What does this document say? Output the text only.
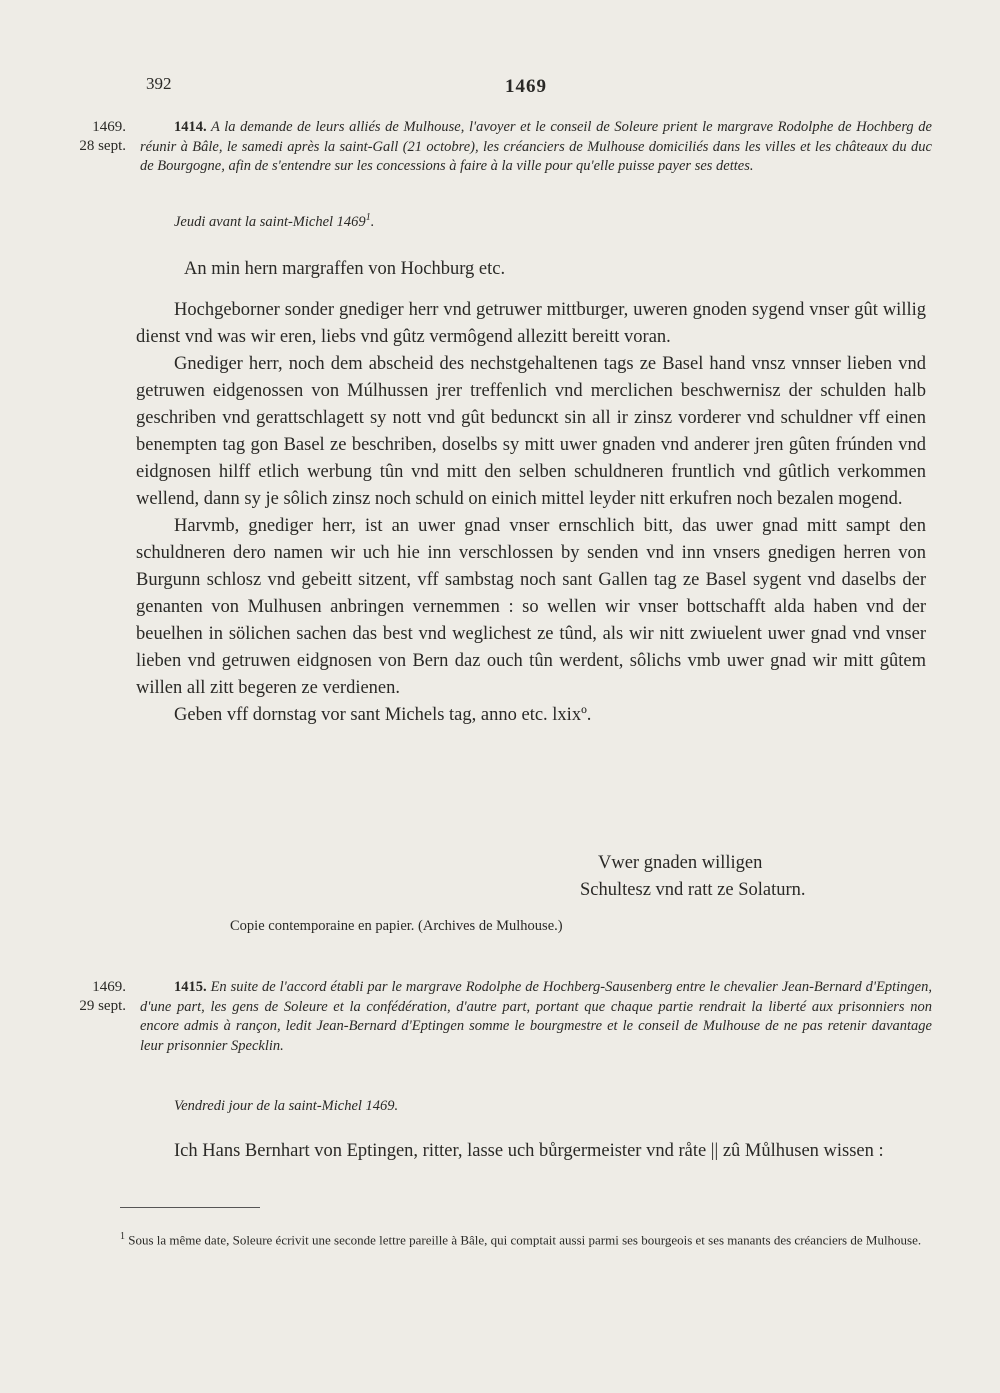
392	1469
1469.
28 sept.
1414. A la demande de leurs alliés de Mulhouse, l'avoyer et le conseil de Soleure prient le margrave Rodolphe de Hochberg de réunir à Bâle, le samedi après la saint-Gall (21 octobre), les créanciers de Mulhouse domiciliés dans les villes et les châteaux du duc de Bourgogne, afin de s'entendre sur les concessions à faire à la ville pour qu'elle puisse payer ses dettes.
Jeudi avant la saint-Michel 1469$^1$.

An min hern margraffen von Hochburg etc.

Hochgeborner sonder gnediger herr vnd getruwer mittburger, uweren gnoden sygend vnser gût willig dienst vnd was wir eren, liebs vnd gûtz vermôgend allezitt bereitt voran.

Gnediger herr, noch dem abscheid des nechstgehaltenen tags ze Basel hand vnsz vnnser lieben vnd getruwen eidgenossen von Múlhussen jrer treffenlich vnd merclichen beschwernisz der schulden halb geschriben vnd gerattschlagett sy nott vnd gût beduncкt sin all ir zinsz vorderer vnd schuldner vff einen benempten tag gon Basel ze beschriben, doselbs sy mitt uwer gnaden vnd anderer jren gûten frúnden vnd eidgnosen hilff etlich werbung tûn vnd mitt den selben schuldneren fruntlich vnd gûtlich verkommen wellend, dann sy je sôlich zinsz noch schuld on einich mittel leyder nitt erkufren noch bezalen mogend.

Harvmb, gnediger herr, ist an uwer gnad vnser ernschlich bitt, das uwer gnad mitt sampt den schuldneren dero namen wir uch hie inn verschlossen by senden vnd inn vnsers gnedigen herren von Burgunn schlosz vnd gebeitt sitzent, vff sambstag noch sant Gallen tag ze Basel sygent vnd daselbs der genanten von Mulhusen anbringen vernemmen : so wellen wir vnser bottschafft alda haben vnd der beuelhen in sölichen sachen das best vnd weglichest ze tûnd, als wir nitt zwiuelent uwer gnad vnd vnser lieben vnd getruwen eidgnosen von Bern daz ouch tûn werdent, sôlichs vmb uwer gnad wir mitt gûtem willen all zitt begeren ze verdienen.

Geben vff dornstag vor sant Michels tag, anno etc. lxixº.

Vwer gnaden willigen
Schultesz vnd ratt ze Solaturn.
Copie contemporaine en papier. (Archives de Mulhouse.)
1469.
29 sept.
1415. En suite de l'accord établi par le margrave Rodolphe de Hochberg-Sausenberg entre le chevalier Jean-Bernard d'Eptingen, d'une part, les gens de Soleure et la confédération, d'autre part, portant que chaque partie rendrait la liberté aux prisonniers non encore admis à rançon, ledit Jean-Bernard d'Eptingen somme le bourgmestre et le conseil de Mulhouse de ne pas retenir davantage leur prisonnier Specklin.
Vendredi jour de la saint-Michel 1469.

Ich Hans Bernhart von Eptingen, ritter, lasse uch bůrgermeister vnd råte || zû Můlhusen wissen :

$^1$ Sous la même date, Soleure écrivit une seconde lettre pareille à Bâle, qui comptait aussi parmi ses bourgeois et ses manants des créanciers de Mulhouse.
